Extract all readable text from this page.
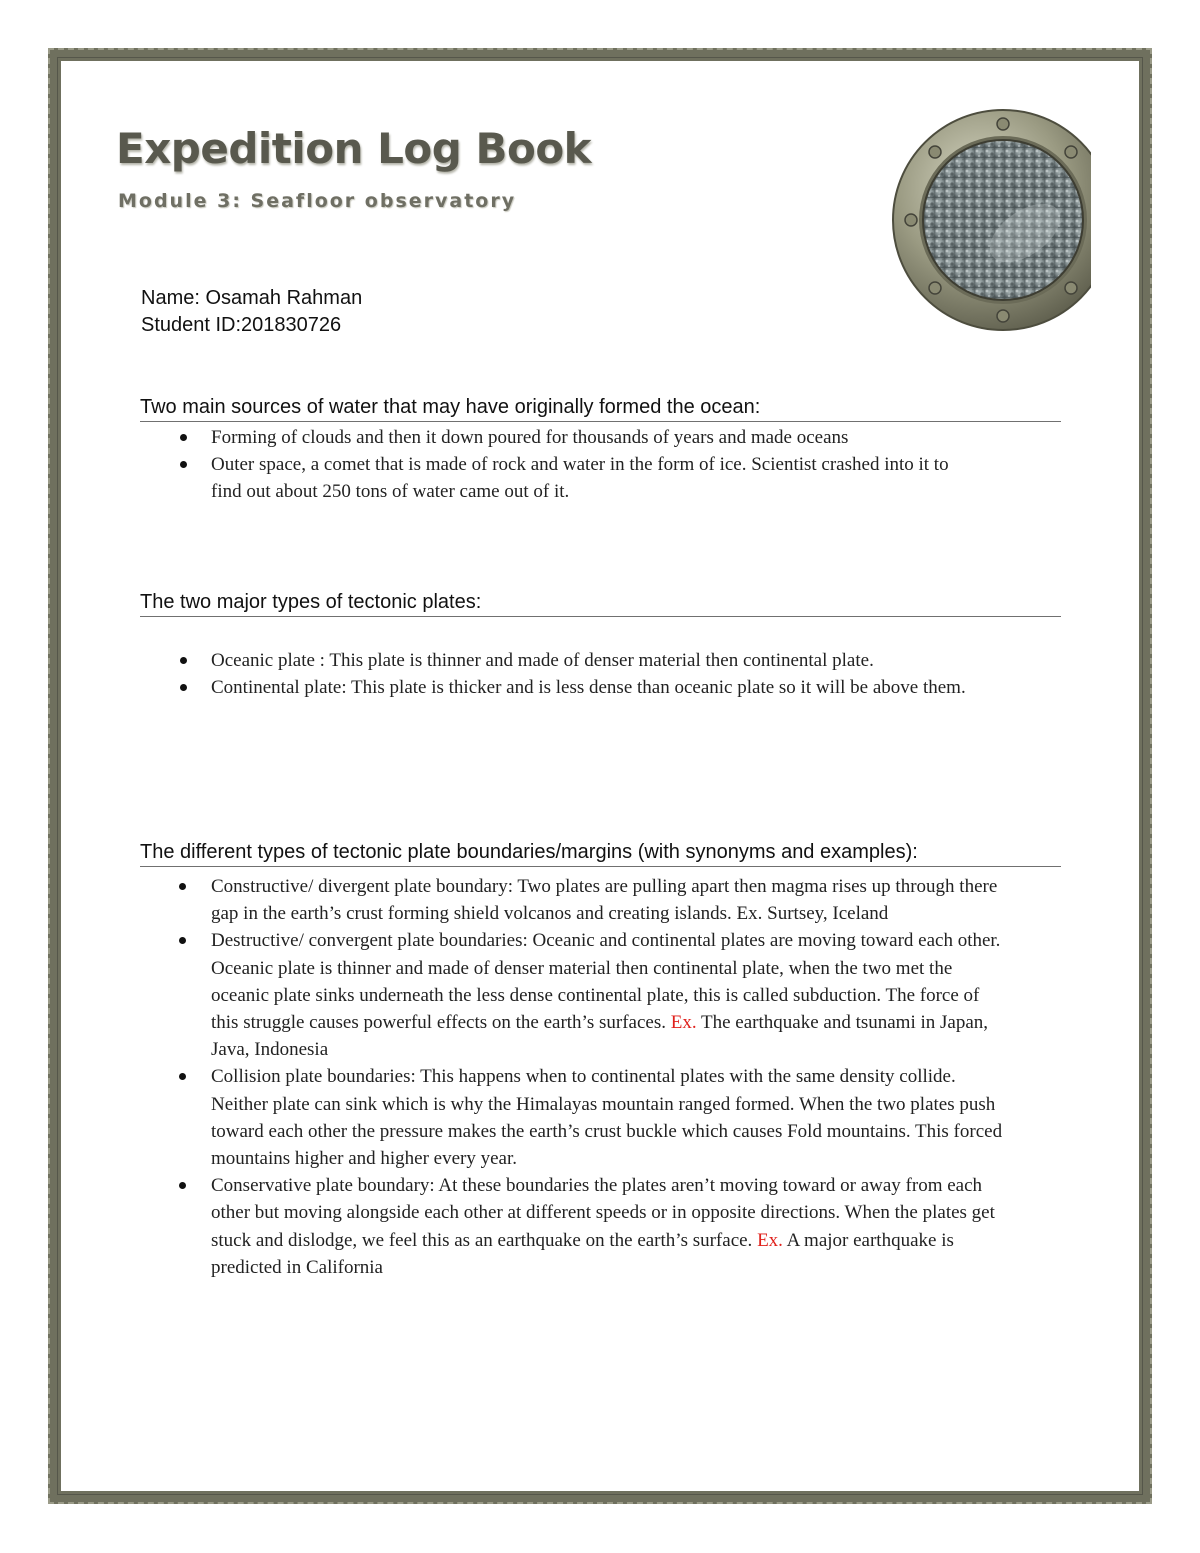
Expedition Log Book
Module 3: Seafloor observatory
Name: Osamah Rahman
Student ID:201830726
Two main sources of water that may have originally formed the ocean:
Forming of clouds and then it down poured for thousands of years and made oceans
Outer space, a comet that is made of rock and water in the form of ice. Scientist crashed into it to find out about 250 tons of water came out of it.
The two major types of tectonic plates:
Oceanic plate : This plate is thinner and made of denser material then continental plate.
Continental plate: This plate is thicker and is less dense than oceanic plate so it will be above them.
The different types of tectonic plate boundaries/margins (with synonyms and examples):
Constructive/ divergent plate boundary: Two plates are pulling apart then magma rises up through there gap in the earth’s crust forming shield volcanos and creating islands. Ex. Surtsey, Iceland
Destructive/ convergent plate boundaries: Oceanic and continental plates are moving toward each other. Oceanic plate is thinner and made of denser material then continental plate, when the two met the oceanic plate sinks underneath the less dense continental plate, this is called subduction. The force of this struggle causes powerful effects on the earth’s surfaces. Ex. The earthquake and tsunami in Japan, Java, Indonesia
Collision plate boundaries: This happens when to continental plates with the same density collide. Neither plate can sink which is why the Himalayas mountain ranged formed. When the two plates push toward each other the pressure makes the earth’s crust buckle which causes Fold mountains. This forced mountains higher and higher every year.
Conservative plate boundary: At these boundaries the plates aren’t moving toward or away from each other but moving alongside each other at different speeds or in opposite directions. When the plates get stuck and dislodge, we feel this as an earthquake on the earth’s surface. Ex. A major earthquake is predicted in California
